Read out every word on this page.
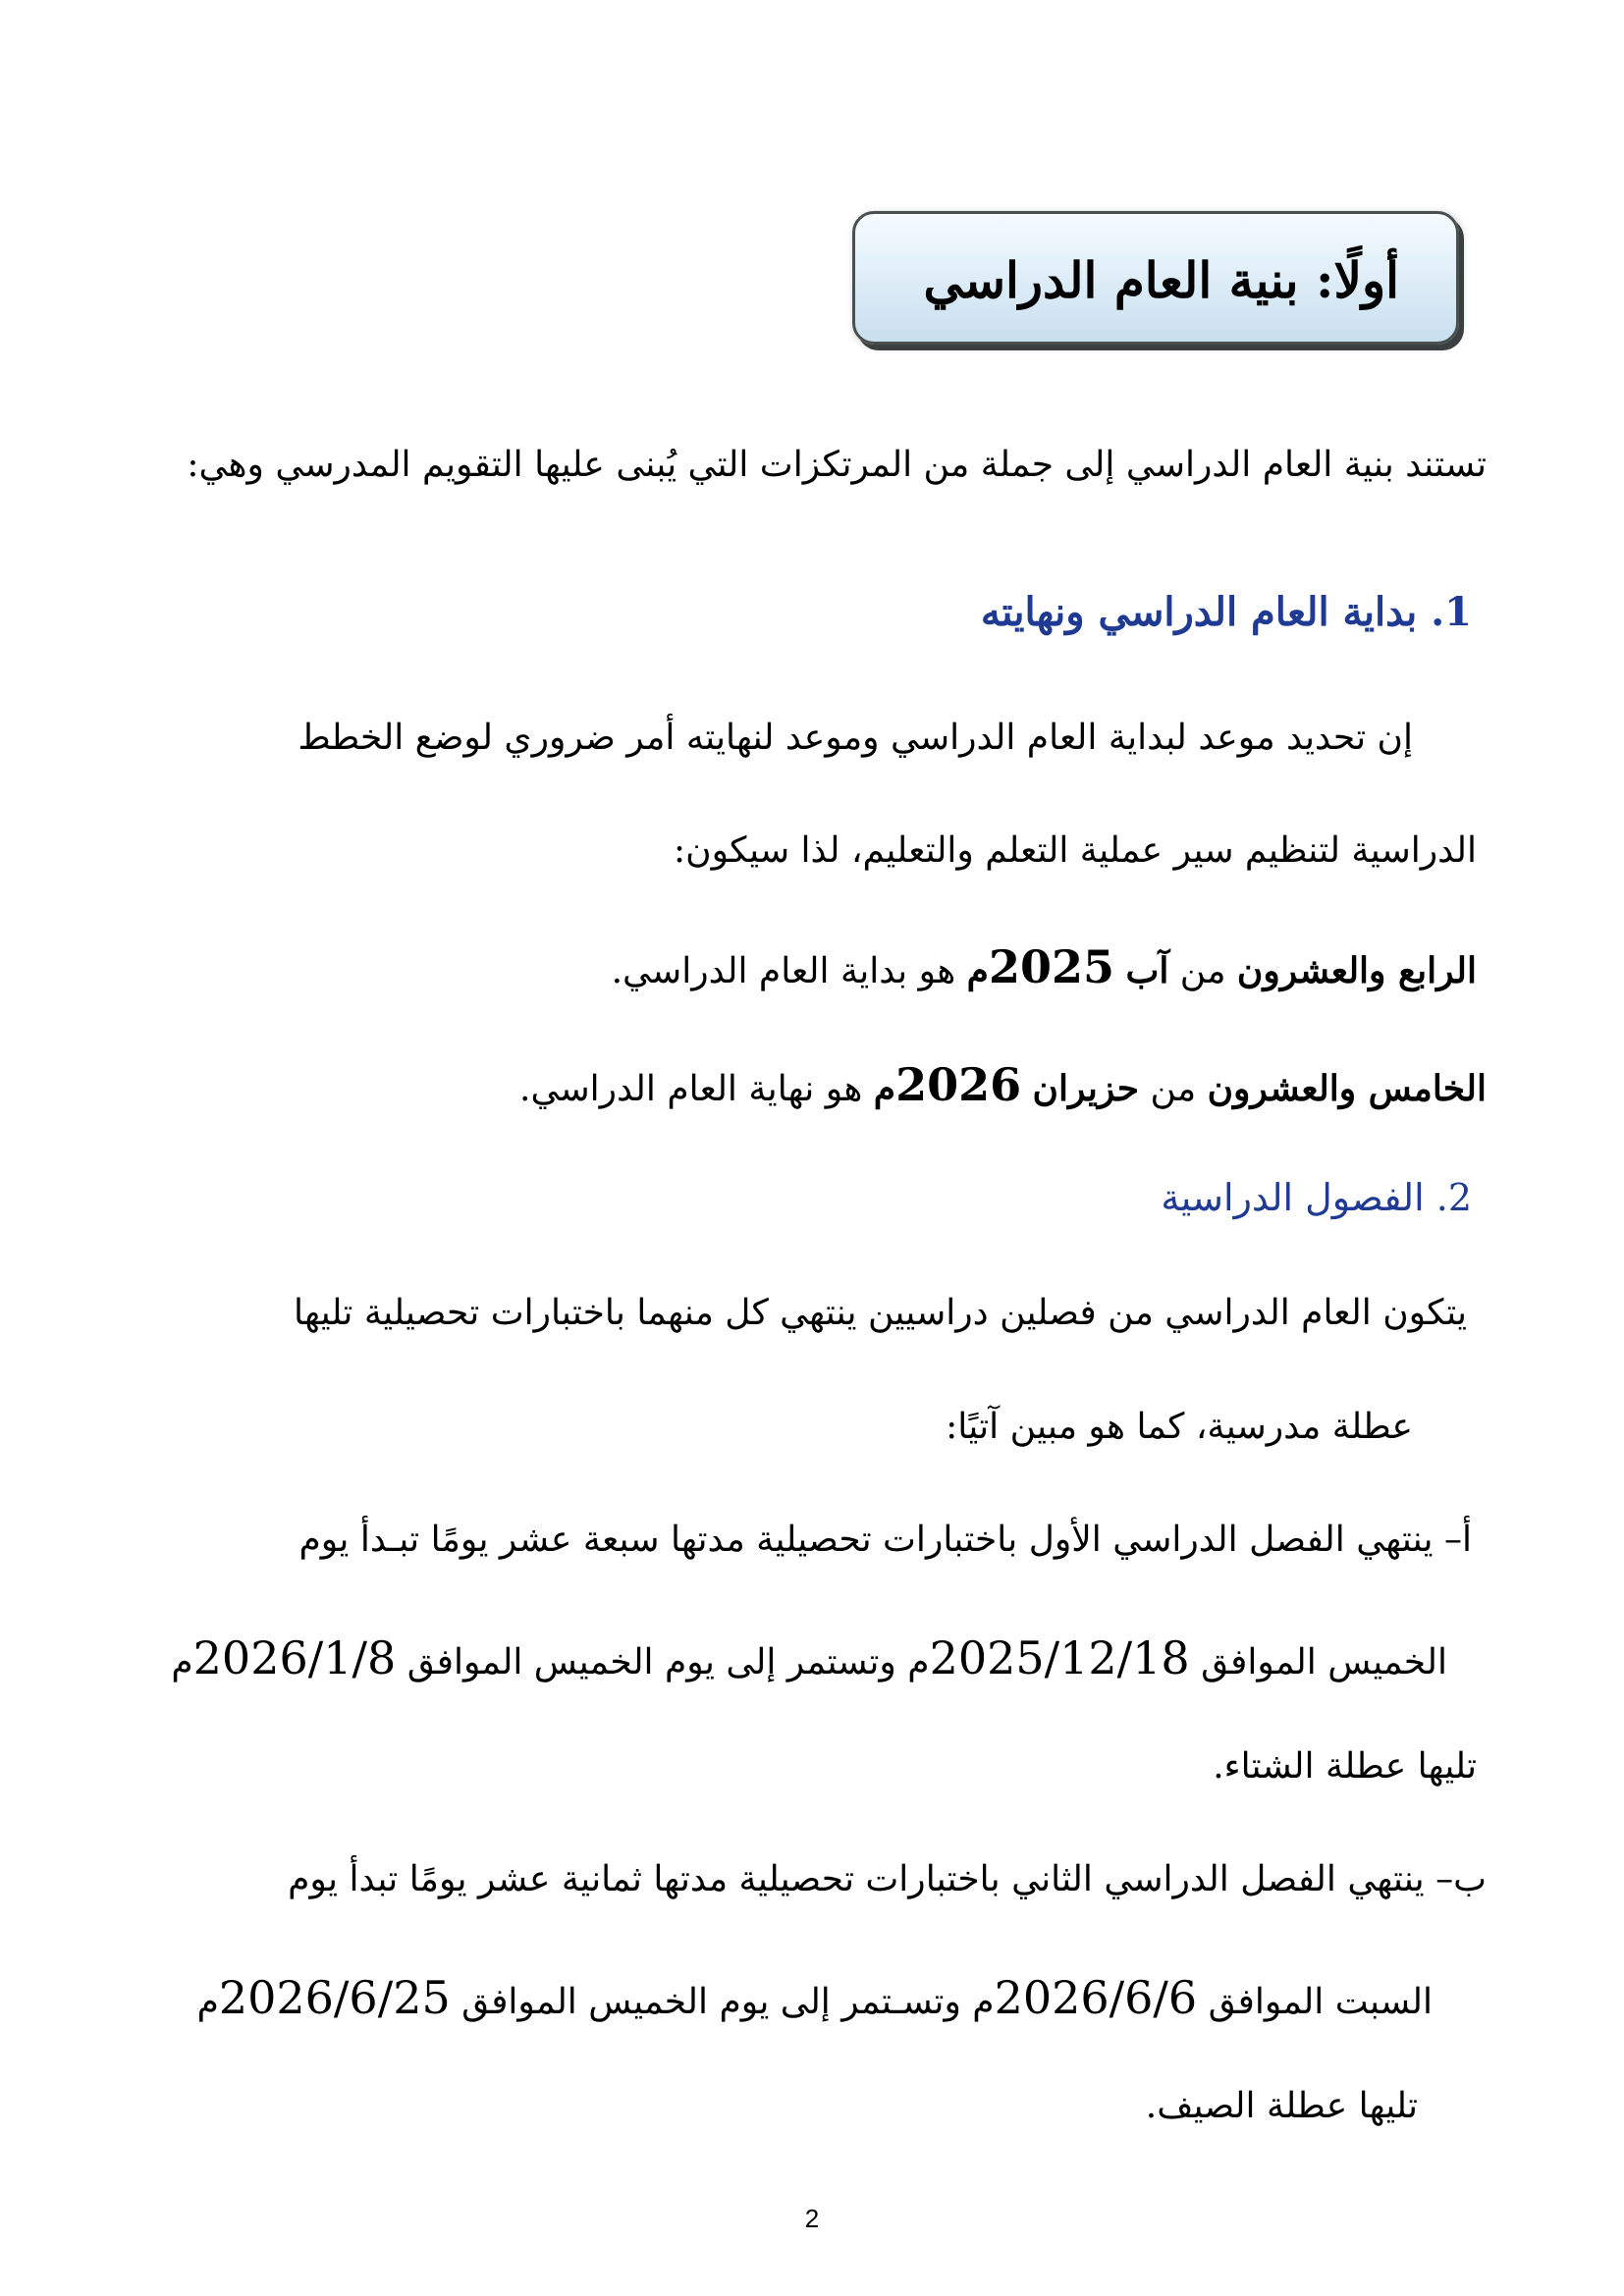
أولًا: بنية العام الدراسي
تستند بنية العام الدراسي إلى جملة من المرتكزات التي يُبنى عليها التقويم المدرسي وهي:
1. بداية العام الدراسي ونهايته
إن تحديد موعد لبداية العام الدراسي وموعد لنهايته أمر ضروري لوضع الخطط
الدراسية لتنظيم سير عملية التعلم والتعليم، لذا سيكون:
الرابع والعشرون من آب 2025م هو بداية العام الدراسي.
الخامس والعشرون من حزيران 2026م هو نهاية العام الدراسي.
2. الفصول الدراسية
يتكون العام الدراسي من فصلين دراسيين ينتهي كل منهما باختبارات تحصيلية تليها
عطلة مدرسية، كما هو مبين آتيًا:
أ– ينتهي الفصل الدراسي الأول باختبارات تحصيلية مدتها سبعة عشر يومًا تبـدأ يوم
الخميس الموافق 2025/12/18م وتستمر إلى يوم الخميس الموافق 2026/1/8م
تليها عطلة الشتاء.
ب– ينتهي الفصل الدراسي الثاني باختبارات تحصيلية مدتها ثمانية عشر يومًا تبدأ يوم
السبت الموافق 2026/6/6م وتسـتمر إلى يوم الخميس الموافق 2026/6/25م
تليها عطلة الصيف.
2
